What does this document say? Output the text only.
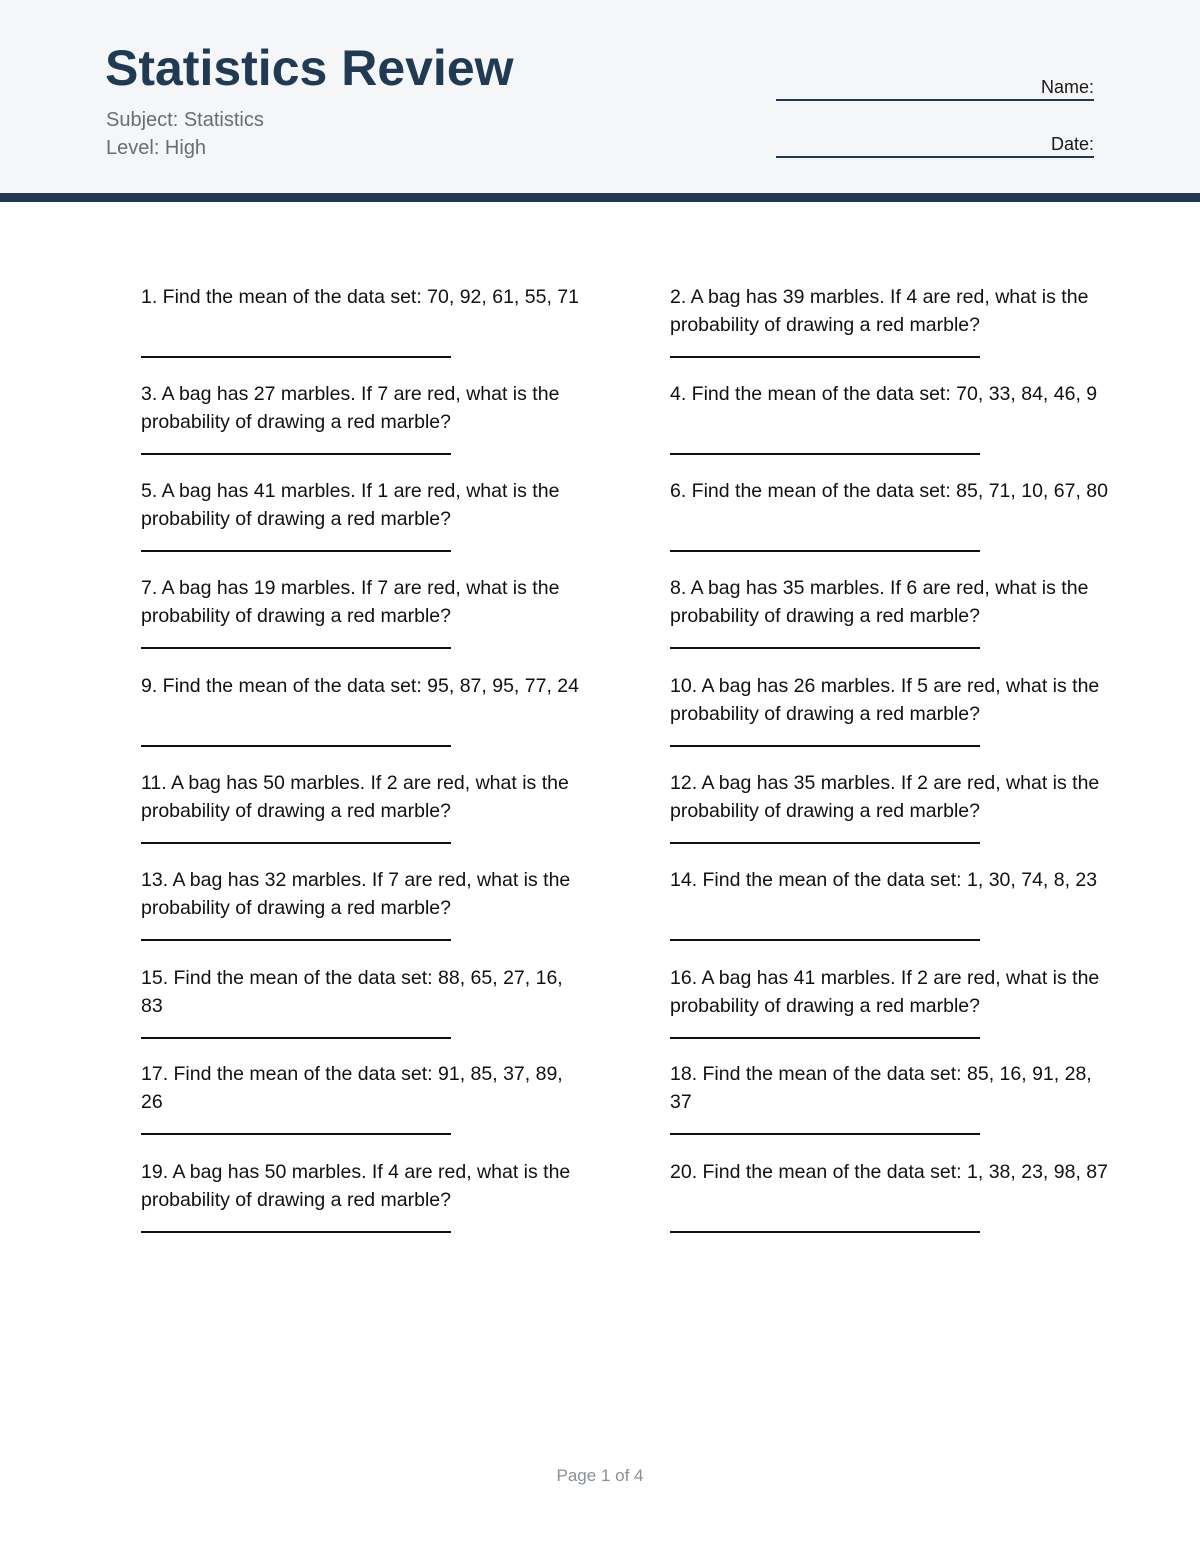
Statistics Review
Subject: Statistics
Level: High
Name:
Date:

1. Find the mean of the data set: 70, 92, 61, 55, 71	2. A bag has 39 marbles. If 4 are red, what is the probability of drawing a red marble?

3. A bag has 27 marbles. If 7 are red, what is the probability of drawing a red marble?

4. Find the mean of the data set: 70, 33, 84, 46, 9

5. A bag has 41 marbles. If 1 are red, what is the probability of drawing a red marble?

6. Find the mean of the data set: 85, 71, 10, 67, 80

7. A bag has 19 marbles. If 7 are red, what is the probability of drawing a red marble?

8. A bag has 35 marbles. If 6 are red, what is the probability of drawing a red marble?

9. Find the mean of the data set: 95, 87, 95, 77, 24	10. A bag has 26 marbles. If 5 are red, what is the probability of drawing a red marble?

11. A bag has 50 marbles. If 2 are red, what is the probability of drawing a red marble?

12. A bag has 35 marbles. If 2 are red, what is the probability of drawing a red marble?

13. A bag has 32 marbles. If 7 are red, what is the probability of drawing a red marble?

14. Find the mean of the data set: 1, 30, 74, 8, 23

15. Find the mean of the data set: 88, 65, 27, 16, 83

16. A bag has 41 marbles. If 2 are red, what is the probability of drawing a red marble?

17. Find the mean of the data set: 91, 85, 37, 89, 26

18. Find the mean of the data set: 85, 16, 91, 28, 37

19. A bag has 50 marbles. If 4 are red, what is the probability of drawing a red marble?

20. Find the mean of the data set: 1, 38, 23, 98, 87

Page 1 of 4
